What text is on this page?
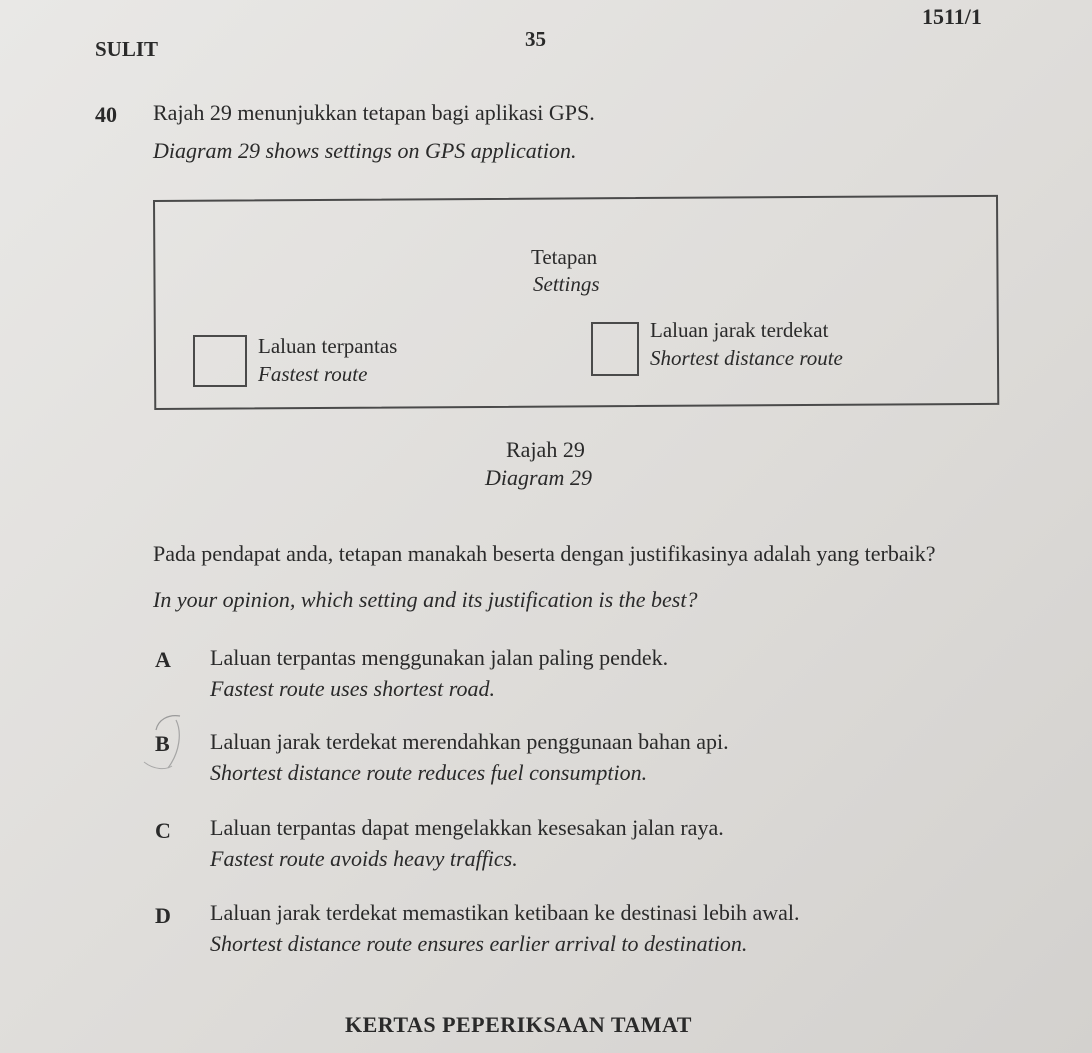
SULIT	35
1511/1
40 Rajah 29 menunjukkan tetapan bagi aplikasi GPS.
Diagram 29 shows settings on GPS application.
Tetapan
Settings
Laluan terpantas
Fastest route
Laluan jarak terdekat
Shortest distance route
Rajah 29
Diagram 29
Pada pendapat anda, tetapan manakah beserta dengan justifikasinya adalah yang terbaik?
In your opinion, which setting and its justification is the best?
A Laluan terpantas menggunakan jalan paling pendek.
Fastest route uses shortest road.
B Laluan jarak terdekat merendahkan penggunaan bahan api.
Shortest distance route reduces fuel consumption.
C Laluan terpantas dapat mengelakkan kesesakan jalan raya.
Fastest route avoids heavy traffics.
D Laluan jarak terdekat memastikan ketibaan ke destinasi lebih awal.
Shortest distance route ensures earlier arrival to destination.
KERTAS PEPERIKSAAN TAMAT
